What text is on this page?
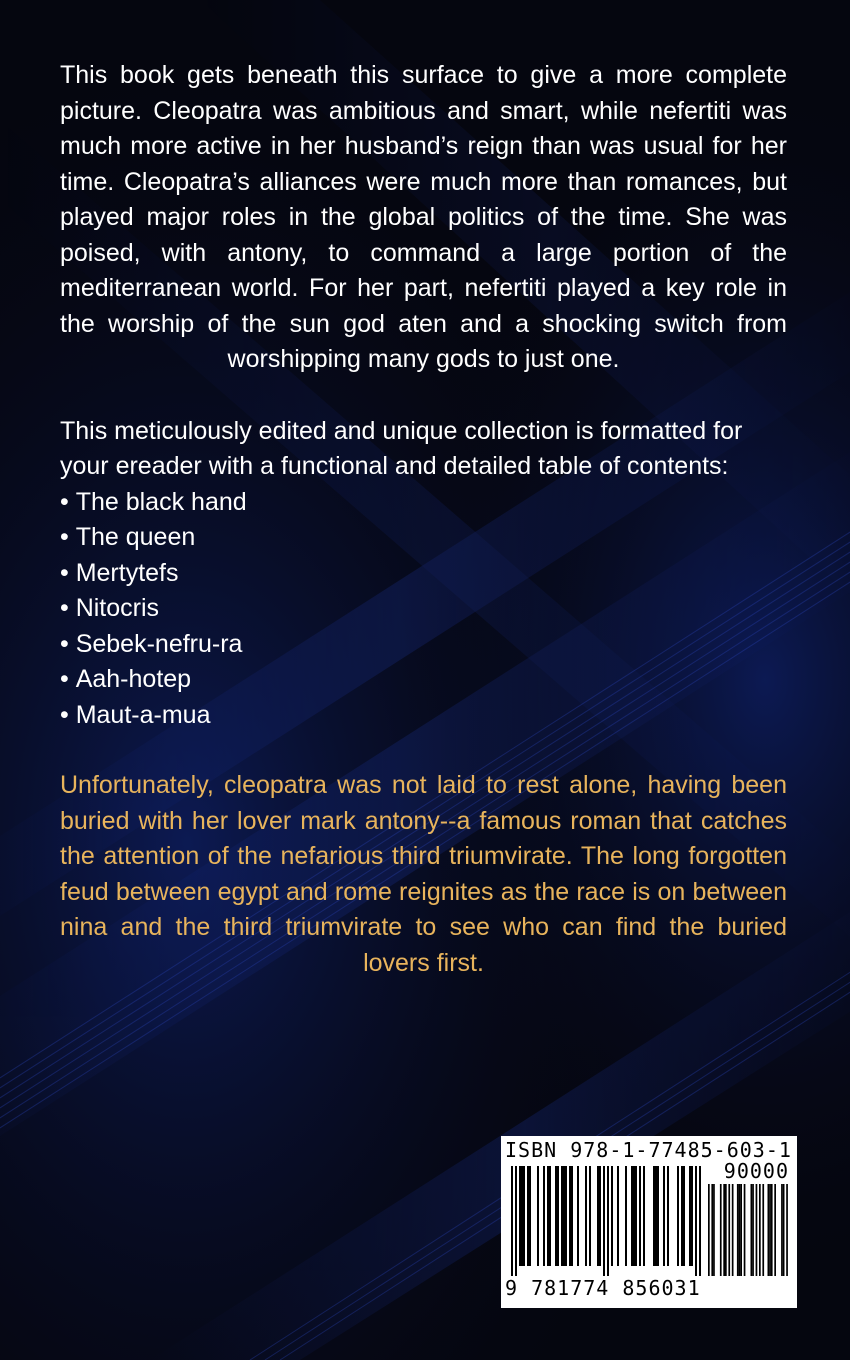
This book gets beneath this surface to give a more complete picture. Cleopatra was ambitious and smart, while nefertiti was much more active in her husband’s reign than was usual for her time. Cleopatra’s alliances were much more than romances, but played major roles in the global politics of the time. She was poised, with antony, to command a large portion of the mediterranean world. For her part, nefertiti played a key role in the worship of the sun god aten and a shocking switch from worshipping many gods to just one.

This meticulously edited and unique collection is formatted for your ereader with a functional and detailed table of contents:
• The black hand
• The queen
• Mertytefs
• Nitocris
• Sebek-nefru-ra
• Aah-hotep
• Maut-a-mua

Unfortunately, cleopatra was not laid to rest alone, having been buried with her lover mark antony--a famous roman that catches the attention of the nefarious third triumvirate. The long forgotten feud between egypt and rome reignites as the race is on between nina and the third triumvirate to see who can find the buried lovers first.

ISBN 978-1-77485-603-1
90000
9 781774 856031
